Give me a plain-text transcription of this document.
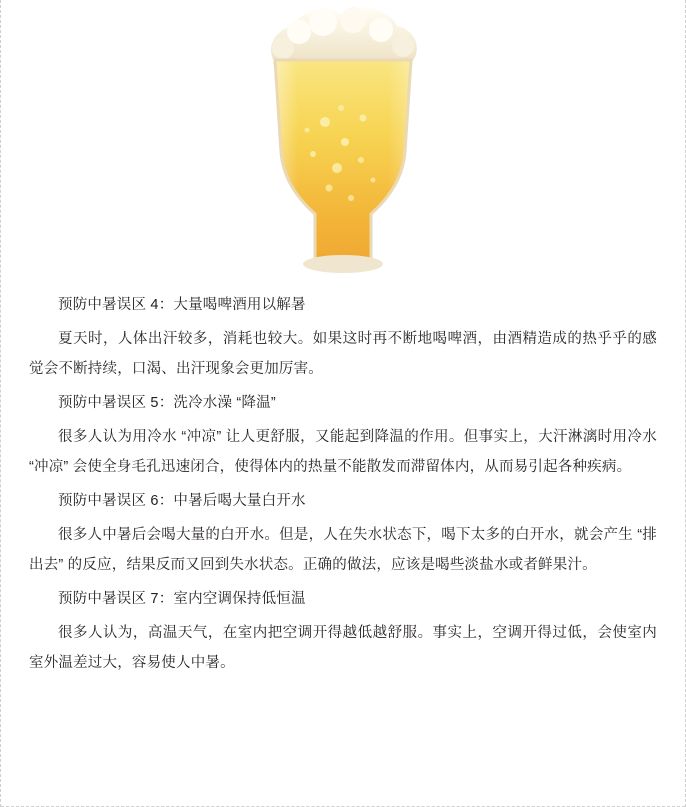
预防中暑误区 4：大量喝啤酒用以解暑

夏天时，人体出汗较多，消耗也较大。如果这时再不断地喝啤酒，由酒精造成的热乎乎的感觉会不断持续，口渴、出汗现象会更加厉害。

预防中暑误区 5：洗冷水澡 “降温”

很多人认为用冷水 “冲凉” 让人更舒服，又能起到降温的作用。但事实上，大汗淋漓时用冷水 “冲凉” 会使全身毛孔迅速闭合，使得体内的热量不能散发而滞留体内，从而易引起各种疾病。

预防中暑误区 6：中暑后喝大量白开水

很多人中暑后会喝大量的白开水。但是，人在失水状态下，喝下太多的白开水，就会产生 “排出去” 的反应，结果反而又回到失水状态。正确的做法，应该是喝些淡盐水或者鲜果汁。

预防中暑误区 7：室内空调保持低恒温

很多人认为，高温天气，在室内把空调开得越低越舒服。事实上，空调开得过低，会使室内室外温差过大，容易使人中暑。
